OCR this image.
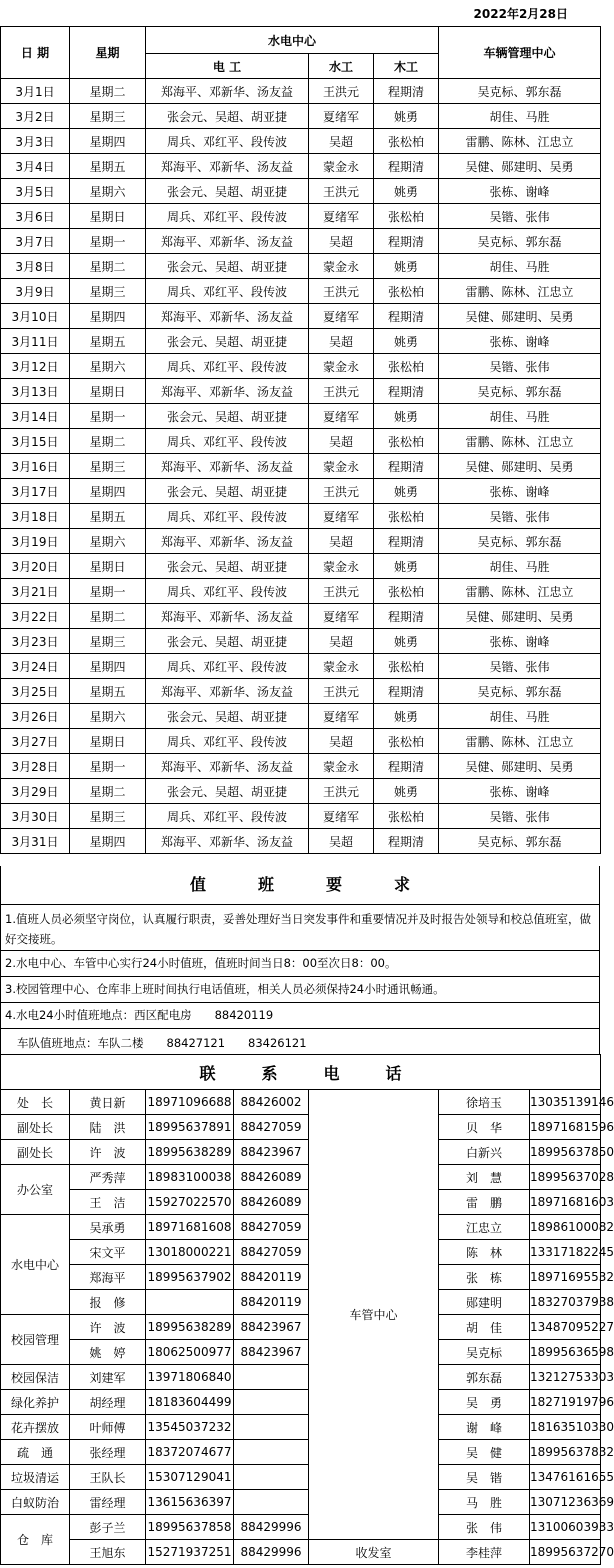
2022年2月28日
日 期	星期	水电中心			车辆管理中心
		电 工	水工	木工	
3月1日	星期二	郑海平、邓新华、汤友益	王洪元	程期清	吴克标、郭东磊
3月2日	星期三	张会元、吴超、胡亚捷	夏绪军	姚勇	胡佳、马胜
3月3日	星期四	周兵、邓红平、段传波	吴超	张松柏	雷鹏、陈林、江忠立
3月4日	星期五	郑海平、邓新华、汤友益	蒙金永	程期清	吴健、郧建明、吴勇
3月5日	星期六	张会元、吴超、胡亚捷	王洪元	姚勇	张栋、谢峰
3月6日	星期日	周兵、邓红平、段传波	夏绪军	张松柏	吴锴、张伟
3月7日	星期一	郑海平、邓新华、汤友益	吴超	程期清	吴克标、郭东磊
3月8日	星期二	张会元、吴超、胡亚捷	蒙金永	姚勇	胡佳、马胜
3月9日	星期三	周兵、邓红平、段传波	王洪元	张松柏	雷鹏、陈林、江忠立
3月10日	星期四	郑海平、邓新华、汤友益	夏绪军	程期清	吴健、郧建明、吴勇
3月11日	星期五	张会元、吴超、胡亚捷	吴超	姚勇	张栋、谢峰
3月12日	星期六	周兵、邓红平、段传波	蒙金永	张松柏	吴锴、张伟
3月13日	星期日	郑海平、邓新华、汤友益	王洪元	程期清	吴克标、郭东磊
3月14日	星期一	张会元、吴超、胡亚捷	夏绪军	姚勇	胡佳、马胜
3月15日	星期二	周兵、邓红平、段传波	吴超	张松柏	雷鹏、陈林、江忠立
3月16日	星期三	郑海平、邓新华、汤友益	蒙金永	程期清	吴健、郧建明、吴勇
3月17日	星期四	张会元、吴超、胡亚捷	王洪元	姚勇	张栋、谢峰
3月18日	星期五	周兵、邓红平、段传波	夏绪军	张松柏	吴锴、张伟
3月19日	星期六	郑海平、邓新华、汤友益	吴超	程期清	吴克标、郭东磊
3月20日	星期日	张会元、吴超、胡亚捷	蒙金永	姚勇	胡佳、马胜
3月21日	星期一	周兵、邓红平、段传波	王洪元	张松柏	雷鹏、陈林、江忠立
3月22日	星期二	郑海平、邓新华、汤友益	夏绪军	程期清	吴健、郧建明、吴勇
3月23日	星期三	张会元、吴超、胡亚捷	吴超	姚勇	张栋、谢峰
3月24日	星期四	周兵、邓红平、段传波	蒙金永	张松柏	吴锴、张伟
3月25日	星期五	郑海平、邓新华、汤友益	王洪元	程期清	吴克标、郭东磊
3月26日	星期六	张会元、吴超、胡亚捷	夏绪军	姚勇	胡佳、马胜
3月27日	星期日	周兵、邓红平、段传波	吴超	张松柏	雷鹏、陈林、江忠立
3月28日	星期一	郑海平、邓新华、汤友益	蒙金永	程期清	吴健、郧建明、吴勇
3月29日	星期二	张会元、吴超、胡亚捷	王洪元	姚勇	张栋、谢峰
3月30日	星期三	周兵、邓红平、段传波	夏绪军	张松柏	吴锴、张伟
3月31日	星期四	郑海平、邓新华、汤友益	吴超	程期清	吴克标、郭东磊
值班要求
1.值班人员必须坚守岗位，认真履行职责，妥善处理好当日突发事件和重要情况并及时报告处领导和校总值班室，做好交接班。
2.水电中心、车管中心实行24小时值班，值班时间当日8：00至次日8：00。
3.校园管理中心、仓库非上班时间执行电话值班，相关人员必须保持24小时通讯畅通。
4.水电24小时值班地点：西区配电房　　88420119
车队值班地点：车队二楼　　88427121　　83426121
联系电话							
处　长	黄日新	18971096688	88426002	车管中心	徐培玉	13035139146	
副处长	陆　洪	18995637891	88427059		贝　华	18971681596	
副处长	许　波	18995638289	88423967		白新兴	18995637850	
办公室	严秀萍	18983100038	88426089		刘　慧	18995637028	
	王　洁	15927022570	88426089		雷　鹏	18971681603	
水电中心	吴承勇	18971681608	88427059		江忠立	18986100082	
	宋文平	13018000221	88427059		陈　林	13317182245	
	郑海平	18995637902	88420119		张　栋	18971695532	
	报　修		88420119		郧建明	18327037938	
校园管理	许　波	18995638289	88423967		胡　佳	13487095227	
	姚　婷	18062500977	88423967		吴克标	18995636598	
校园保洁	刘建军	13971806840			郭东磊	13212753303	
绿化养护	胡经理	18183604499			吴　勇	18271919796	
花卉摆放	叶师傅	13545037232			谢　峰	18163510330	
疏　通	张经理	18372074677			吴　健	18995637832	
垃圾清运	王队长	15307129041			吴　锴	13476161655	
白蚁防治	雷经理	13615636397			马　胜	13071236369	
仓　库	彭子兰	18995637858	88429996		张　伟	13100603933	
	王旭东	15271937251	88429996	收发室	李桂萍	18995637270	
